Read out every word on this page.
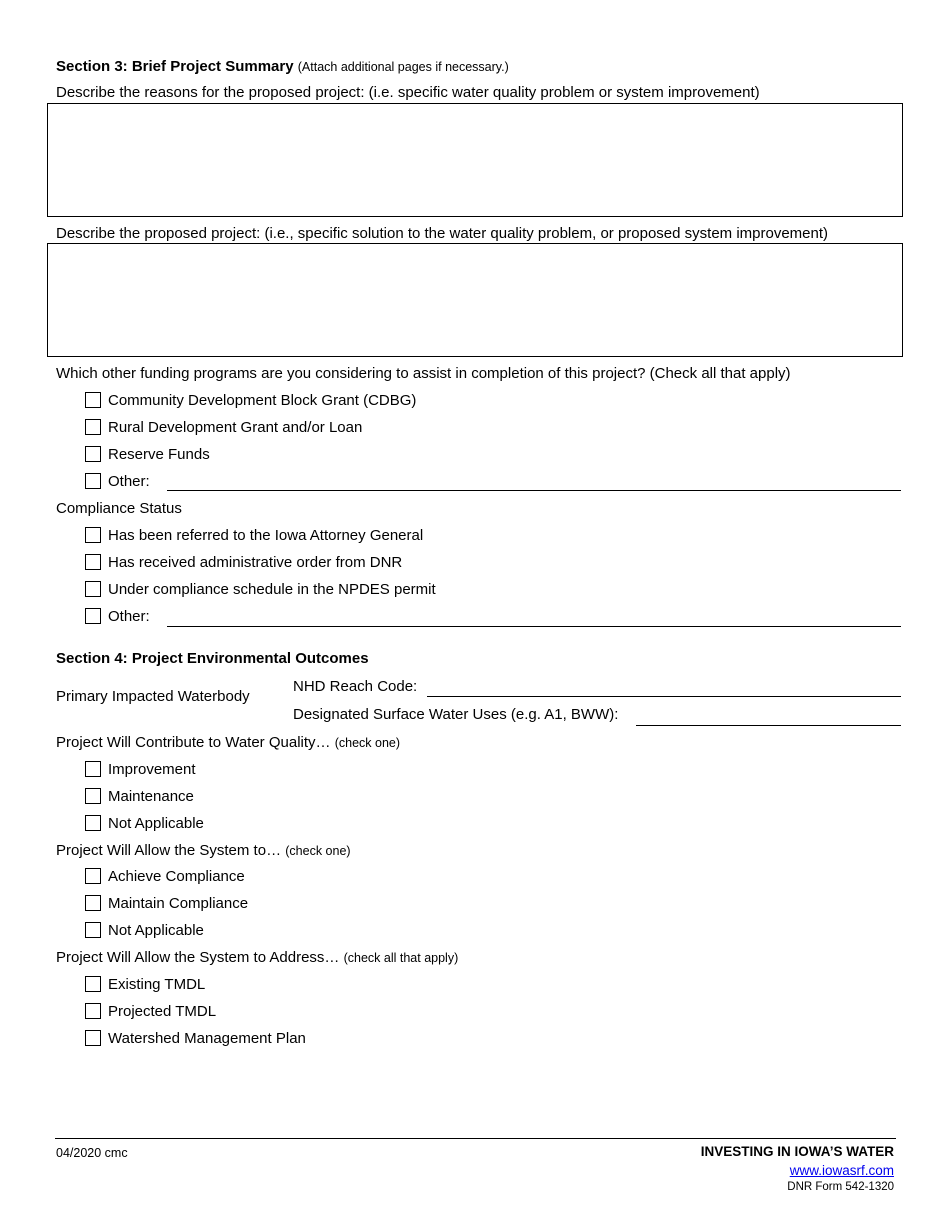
Section 3: Brief Project Summary (Attach additional pages if necessary.)
Describe the reasons for the proposed project: (i.e. specific water quality problem or system improvement)
Describe the proposed project: (i.e., specific solution to the water quality problem, or proposed system improvement)
Which other funding programs are you considering to assist in completion of this project? (Check all that apply)
Community Development Block Grant (CDBG)
Rural Development Grant and/or Loan
Reserve Funds
Other:
Compliance Status
Has been referred to the Iowa Attorney General
Has received administrative order from DNR
Under compliance schedule in the NPDES permit
Other:
Section 4: Project Environmental Outcomes
Primary Impacted Waterbody
NHD Reach Code:
Designated Surface Water Uses (e.g. A1, BWW):
Project Will Contribute to Water Quality… (check one)
Improvement
Maintenance
Not Applicable
Project Will Allow the System to… (check one)
Achieve Compliance
Maintain Compliance
Not Applicable
Project Will Allow the System to Address… (check all that apply)
Existing TMDL
Projected TMDL
Watershed Management Plan
04/2020 cmc	INVESTING IN IOWA’S WATER
www.iowasrf.com
DNR Form 542-1320
